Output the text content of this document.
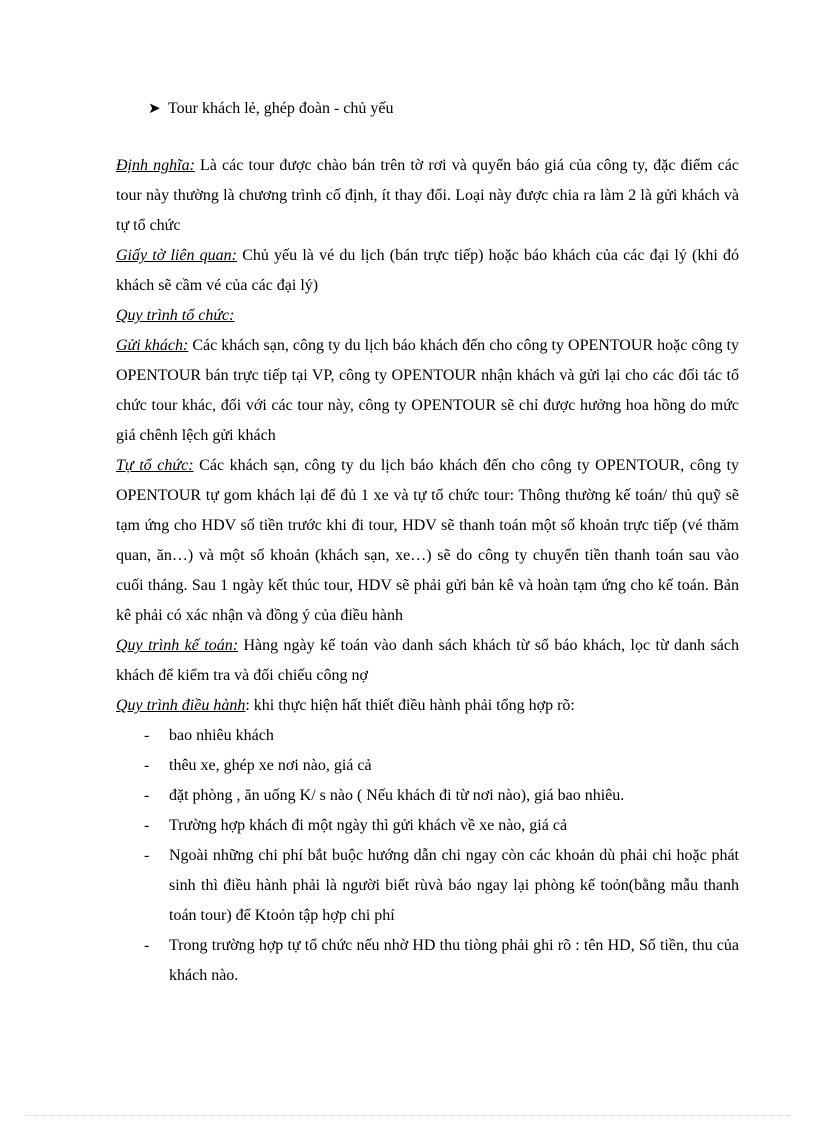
➤ Tour khách lẻ, ghép đoàn - chủ yếu

Định nghĩa: Là các tour được chào bán trên tờ rơi và quyển báo giá của công ty, đặc điểm các tour này thường là chương trình cố định, ít thay đổi. Loại này được chia ra làm 2 là gửi khách và tự tổ chức

Giấy tờ liên quan: Chủ yếu là vé du lịch (bán trực tiếp) hoặc báo khách của các đại lý (khi đó khách sẽ cầm vé của các đại lý)

Quy trình tổ chức:

Gửi khách: Các khách sạn, công ty du lịch báo khách đến cho công ty OPENTOUR hoặc công ty OPENTOUR bán trực tiếp tại VP, công ty OPENTOUR nhận khách và gửi lại cho các đối tác tổ chức tour khác, đối với các tour này, công ty OPENTOUR sẽ chỉ được hưởng hoa hồng do mức giá chênh lệch gửi khách

Tự tổ chức: Các khách sạn, công ty du lịch báo khách đến cho công ty OPENTOUR, công ty OPENTOUR tự gom khách lại để đủ 1 xe và tự tổ chức tour: Thông thường kế toán/ thủ quỹ sẽ tạm ứng cho HDV số tiền trước khi đi tour, HDV sẽ thanh toán một số khoản trực tiếp (vé thăm quan, ăn…) và một số khoản (khách sạn, xe…) sẽ do công ty chuyển tiền thanh toán sau vào cuối tháng. Sau 1 ngày kết thúc tour, HDV sẽ phải gửi bản kê và hoàn tạm ứng cho kế toán. Bản kê phải có xác nhận và đồng ý của điều hành

Quy trình kế toán: Hàng ngày kế toán vào danh sách khách từ sổ báo khách, lọc từ danh sách khách để kiểm tra và đối chiếu công nợ

Quy trình điều hành: khi thực hiện hất thiết điều hành phải tổng hợp rõ:

-	bao nhiêu khách
-	thêu xe, ghép xe nơi nào, giá cả
-	đặt phòng , ăn uống K/ s nào ( Nếu khách đi từ nơi nào), giá bao nhiêu.
-	Trường hợp khách đi một ngày thì gửi khách về xe nào, giá cả
-	Ngoài những chi phí bắt buộc hướng dẫn chi ngay còn các khoản dù phải chi hoặc phát sinh thì điều hành phải là người biết rùvà báo ngay lại phòng kế toỏn(bằng mẫu thanh toán tour) để Ktoỏn tập hợp chi phí
-	Trong trường hợp tự tổ chức nếu nhờ HD thu tiòng phải ghi rõ : tên HD, Số tiền, thu của khách nào.
